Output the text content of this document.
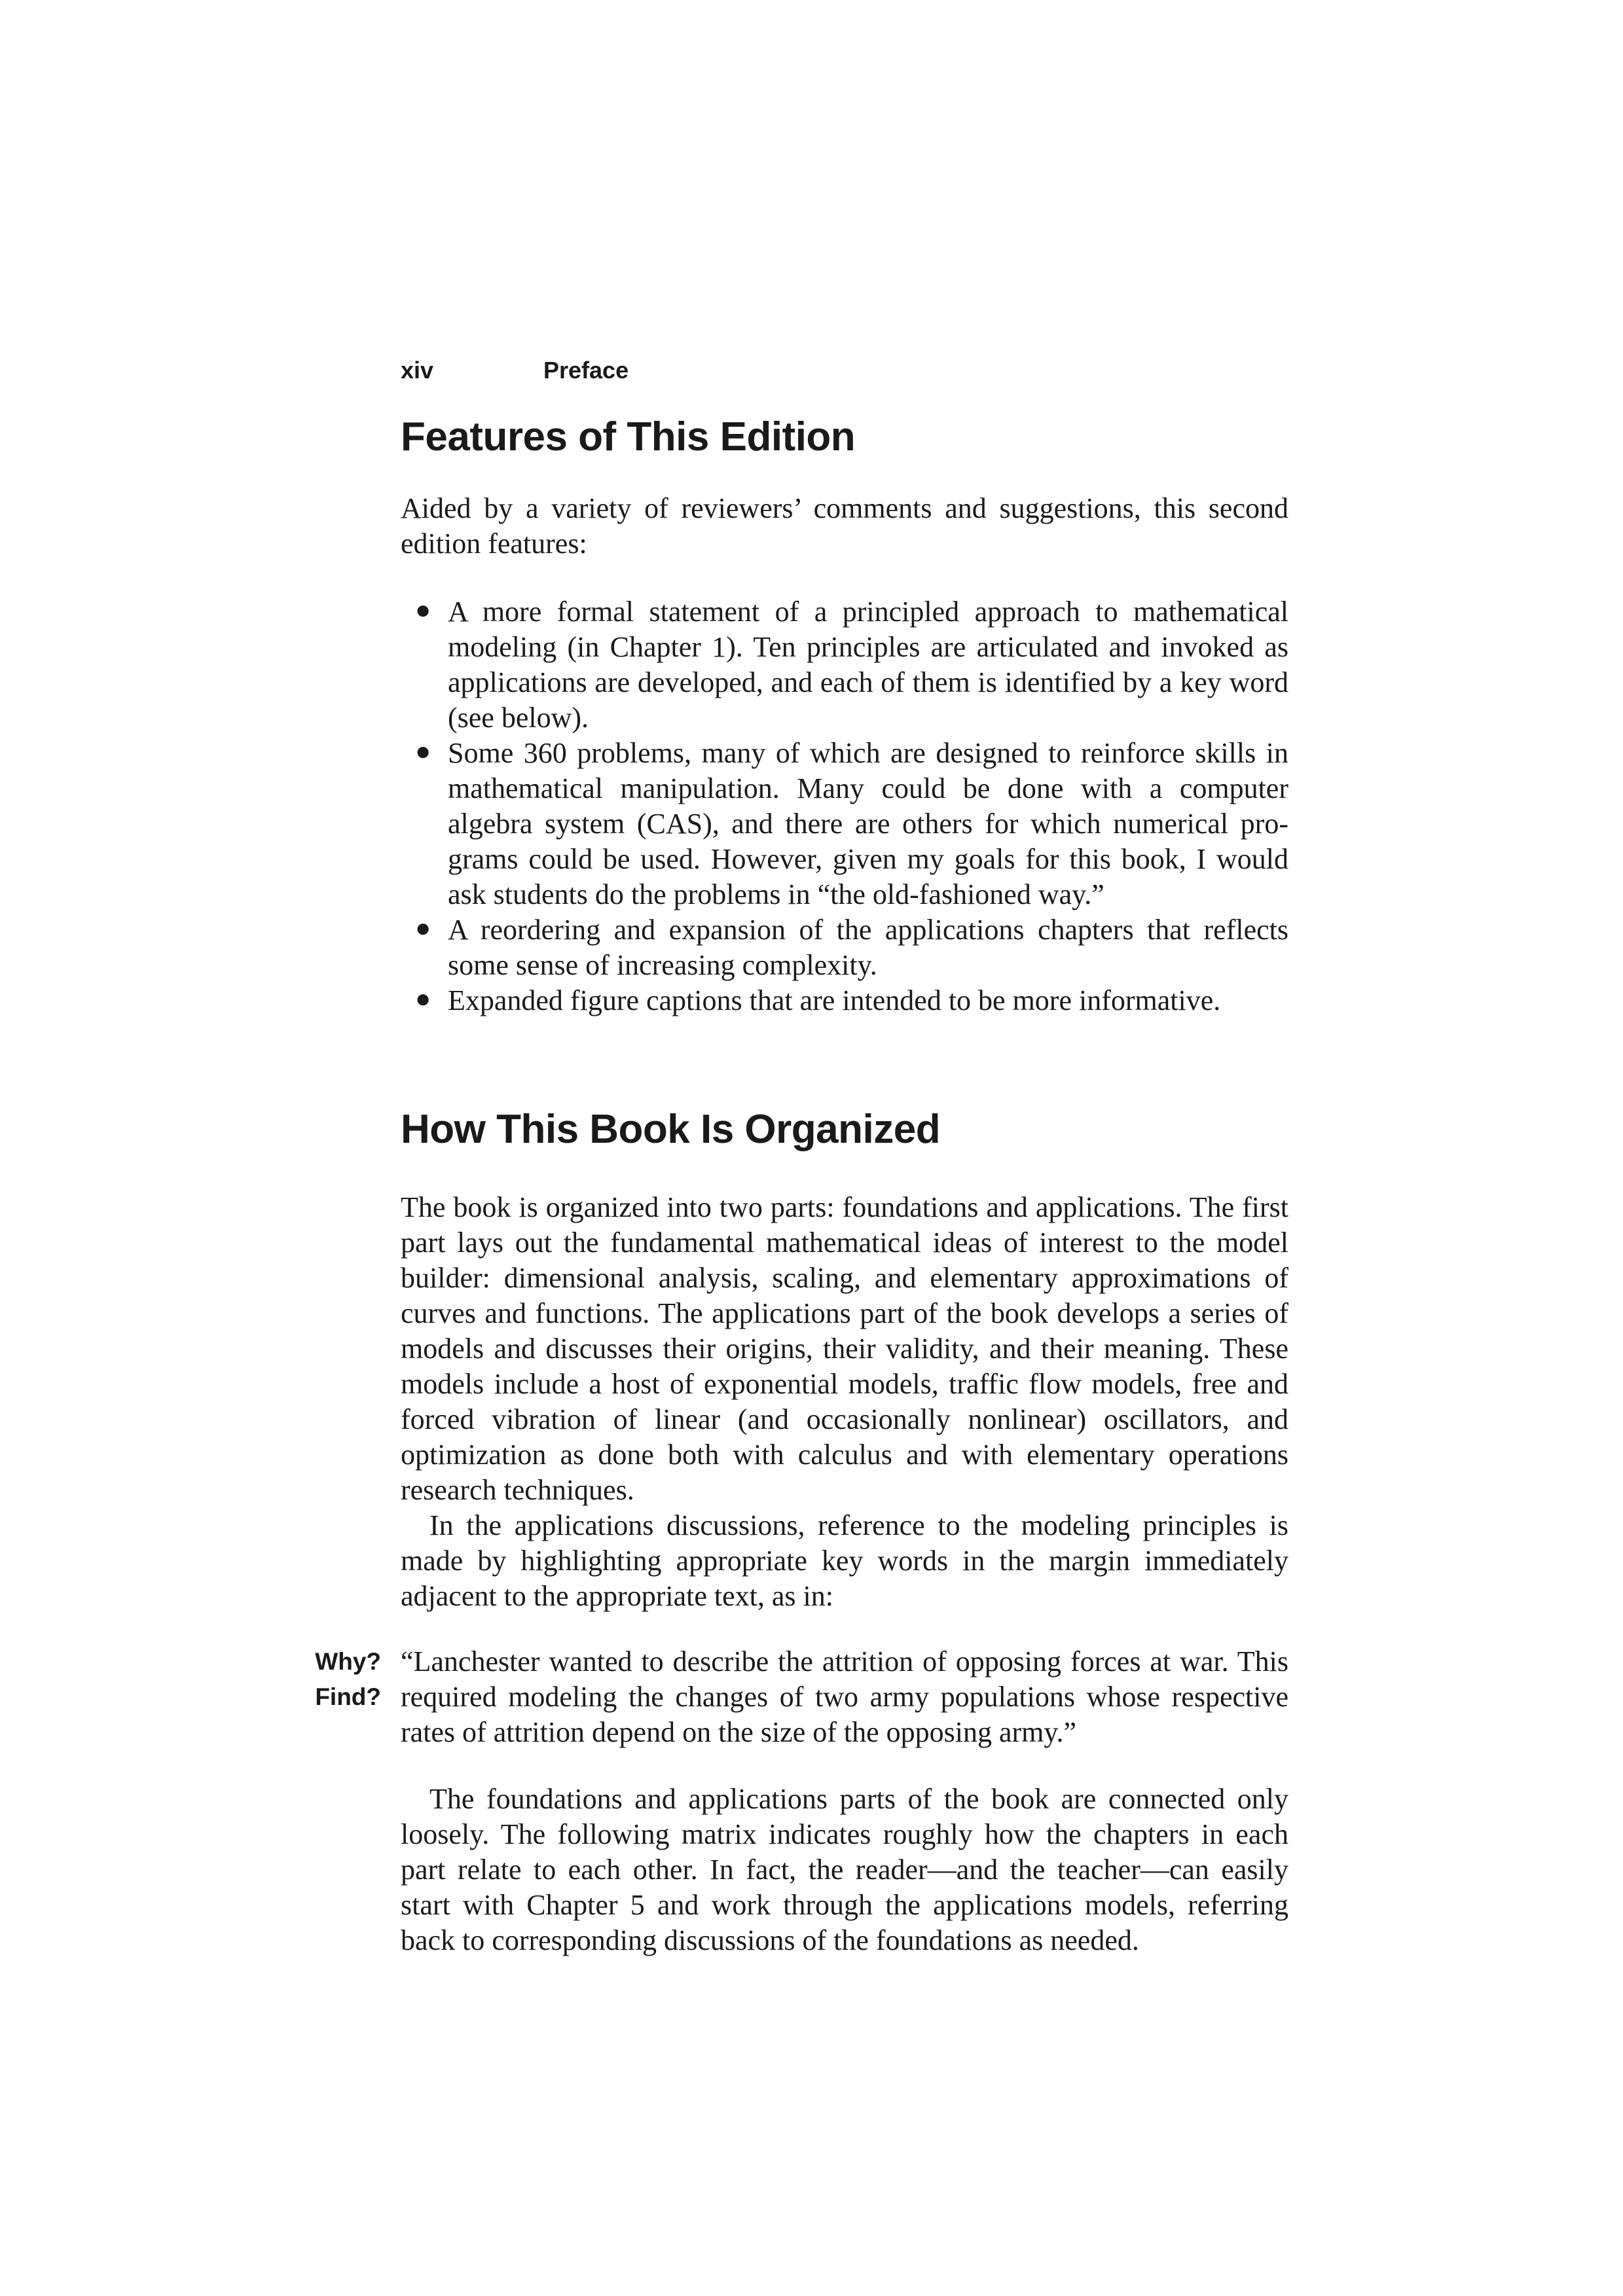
xiv	Preface
Features of This Edition

Aided by a variety of reviewers’ comments and suggestions, this second edition features:

● A more formal statement of a principled approach to mathematical modeling (in Chapter 1). Ten principles are articulated and invoked as applications are developed, and each of them is identified by a key word (see below).

● Some 360 problems, many of which are designed to reinforce skills in mathematical manipulation. Many could be done with a computer algebra system (CAS), and there are others for which numerical programs could be used. However, given my goals for this book, I would ask students do the problems in “the old-fashioned way.”

● A reordering and expansion of the applications chapters that reflects some sense of increasing complexity.

● Expanded figure captions that are intended to be more informative.

How This Book Is Organized

The book is organized into two parts: foundations and applications. The first part lays out the fundamental mathematical ideas of interest to the model builder: dimensional analysis, scaling, and elementary approximations of curves and functions. The applications part of the book develops a series of models and discusses their origins, their validity, and their meaning. These models include a host of exponential models, traffic flow models, free and forced vibration of linear (and occasionally nonlinear) oscillators, and optimization as done both with calculus and with elementary operations research techniques.

In the applications discussions, reference to the modeling principles is made by highlighting appropriate key words in the margin immediately adjacent to the appropriate text, as in:

Why?
Find?

“Lanchester wanted to describe the attrition of opposing forces at war. This required modeling the changes of two army populations whose respective rates of attrition depend on the size of the opposing army.”

The foundations and applications parts of the book are connected only loosely. The following matrix indicates roughly how the chapters in each part relate to each other. In fact, the reader—and the teacher—can easily start with Chapter 5 and work through the applications models, referring back to corresponding discussions of the foundations as needed.
